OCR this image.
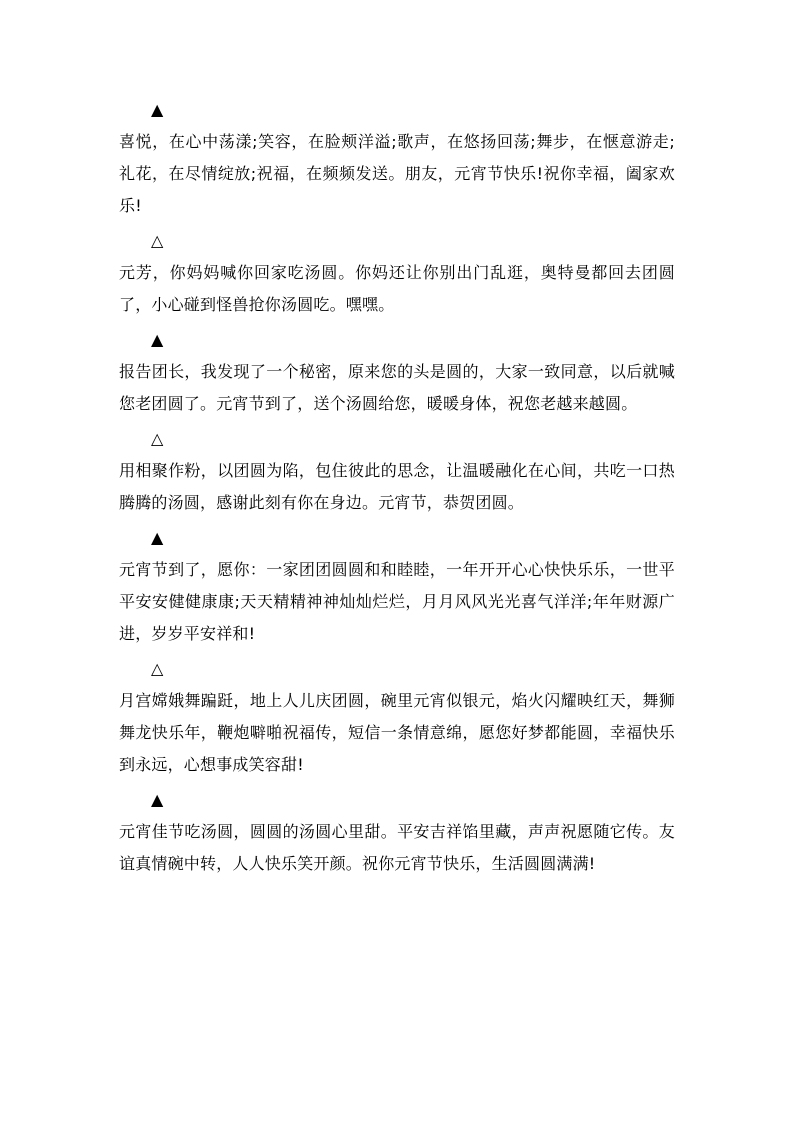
▲

喜悦，在心中荡漾;笑容，在脸颊洋溢;歌声，在悠扬回荡;舞步，在惬意游走;礼花，在尽情绽放;祝福，在频频发送。朋友，元宵节快乐!祝你幸福，阖家欢乐!

△

元芳，你妈妈喊你回家吃汤圆。你妈还让你别出门乱逛，奥特曼都回去团圆了，小心碰到怪兽抢你汤圆吃。嘿嘿。

▲

报告团长，我发现了一个秘密，原来您的头是圆的，大家一致同意，以后就喊您老团圆了。元宵节到了，送个汤圆给您，暖暖身体，祝您老越来越圆。

△

用相聚作粉，以团圆为陷，包住彼此的思念，让温暖融化在心间，共吃一口热腾腾的汤圆，感谢此刻有你在身边。元宵节，恭贺团圆。

▲

元宵节到了，愿你：一家团团圆圆和和睦睦，一年开开心心快快乐乐，一世平平安安健健康康;天天精精神神灿灿烂烂，月月风风光光喜气洋洋;年年财源广进，岁岁平安祥和!

△

月宫嫦娥舞蹁跹，地上人儿庆团圆，碗里元宵似银元，焰火闪耀映红天，舞狮舞龙快乐年，鞭炮噼啪祝福传，短信一条情意绵，愿您好梦都能圆，幸福快乐到永远，心想事成笑容甜!

▲

元宵佳节吃汤圆，圆圆的汤圆心里甜。平安吉祥馅里藏，声声祝愿随它传。友谊真情碗中转，人人快乐笑开颜。祝你元宵节快乐，生活圆圆满满!
